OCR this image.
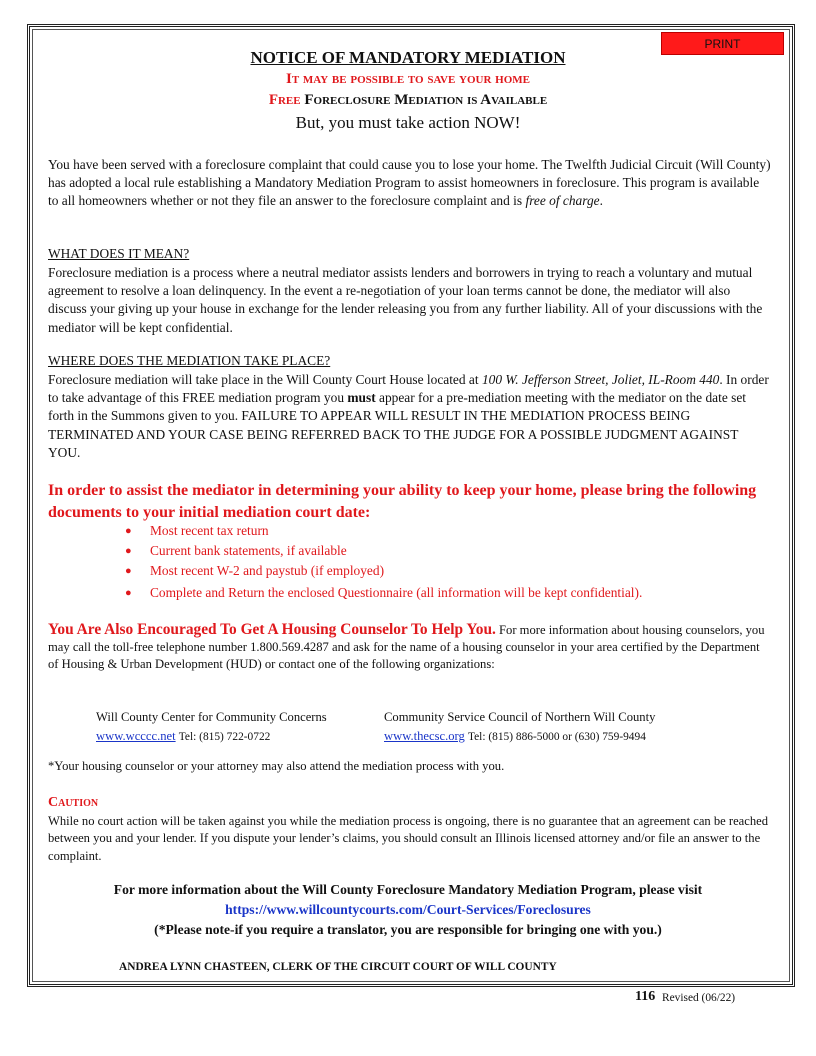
PRINT
NOTICE OF MANDATORY MEDIATION
It may be possible to save your home
Free Foreclosure Mediation is Available
But, you must take action NOW!

You have been served with a foreclosure complaint that could cause you to lose your home. The Twelfth Judicial Circuit (Will County) has adopted a local rule establishing a Mandatory Mediation Program to assist homeowners in foreclosure. This program is available to all homeowners whether or not they file an answer to the foreclosure complaint and is free of charge.

WHAT DOES IT MEAN?

Foreclosure mediation is a process where a neutral mediator assists lenders and borrowers in trying to reach a voluntary and mutual agreement to resolve a loan delinquency. In the event a re-negotiation of your loan terms cannot be done, the mediator will also discuss your giving up your house in exchange for the lender releasing you from any further liability. All of your discussions with the mediator will be kept confidential.

WHERE DOES THE MEDIATION TAKE PLACE?

Foreclosure mediation will take place in the Will County Court House located at 100 W. Jefferson Street, Joliet, IL-Room 440. In order to take advantage of this FREE mediation program you must appear for a pre-mediation meeting with the mediator on the date set forth in the Summons given to you. FAILURE TO APPEAR WILL RESULT IN THE MEDIATION PROCESS BEING TERMINATED AND YOUR CASE BEING REFERRED BACK TO THE JUDGE FOR A POSSIBLE JUDGMENT AGAINST YOU.

In order to assist the mediator in determining your ability to keep your home, please bring the following documents to your initial mediation court date:
● Most recent tax return
● Current bank statements, if available
● Most recent W-2 and paystub (if employed)
● Complete and Return the enclosed Questionnaire (all information will be kept confidential).
You Are Also Encouraged To Get A Housing Counselor To Help You. For more information about housing counselors, you may call the toll-free telephone number 1.800.569.4287 and ask for the name of a housing counselor in your area certified by the Department of Housing & Urban Development (HUD) or contact one of the following organizations:
Will County Center for Community Concerns
www.wcccc.net Tel: (815) 722-0722
Community Service Council of Northern Will County
www.thecsc.org Tel: (815) 886-5000 or (630) 759-9494
*Your housing counselor or your attorney may also attend the mediation process with you.
Caution
While no court action will be taken against you while the mediation process is ongoing, there is no guarantee that an agreement can be reached between you and your lender. If you dispute your lender’s claims, you should consult an Illinois licensed attorney and/or file an answer to the complaint.
For more information about the Will County Foreclosure Mandatory Mediation Program, please visit
https://www.willcountycourts.com/Court-Services/Foreclosures
(*Please note-if you require a translator, you are responsible for bringing one with you.)
ANDREA LYNN CHASTEEN, CLERK OF THE CIRCUIT COURT OF WILL COUNTY
116 Revised (06/22)
